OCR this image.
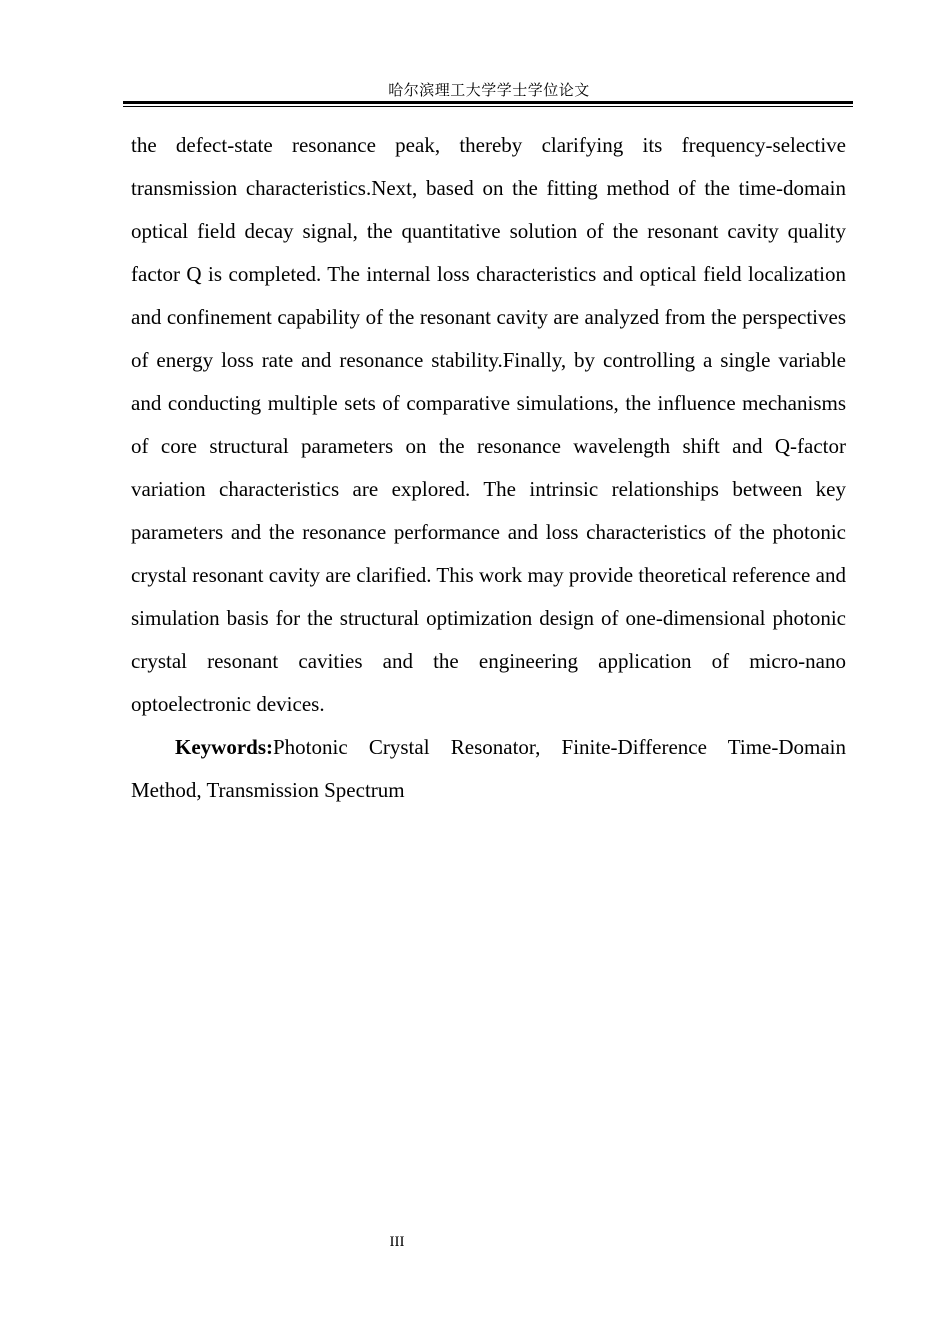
哈尔滨理工大学学士学位论文

the defect-state resonance peak, thereby clarifying its frequency-selective transmission characteristics.Next, based on the fitting method of the time-domain optical field decay signal, the quantitative solution of the resonant cavity quality factor Q is completed. The internal loss characteristics and optical field localization and confinement capability of the resonant cavity are analyzed from the perspectives of energy loss rate and resonance stability.Finally, by controlling a single variable and conducting multiple sets of comparative simulations, the influence mechanisms of core structural parameters on the resonance wavelength shift and Q-factor variation characteristics are explored. The intrinsic relationships between key parameters and the resonance performance and loss characteristics of the photonic crystal resonant cavity are clarified. This work may provide theoretical reference and simulation basis for the structural optimization design of one-dimensional photonic crystal resonant cavities and the engineering application of micro-nano optoelectronic devices.

Keywords:Photonic Crystal Resonator, Finite-Difference Time-Domain Method, Transmission Spectrum

III
